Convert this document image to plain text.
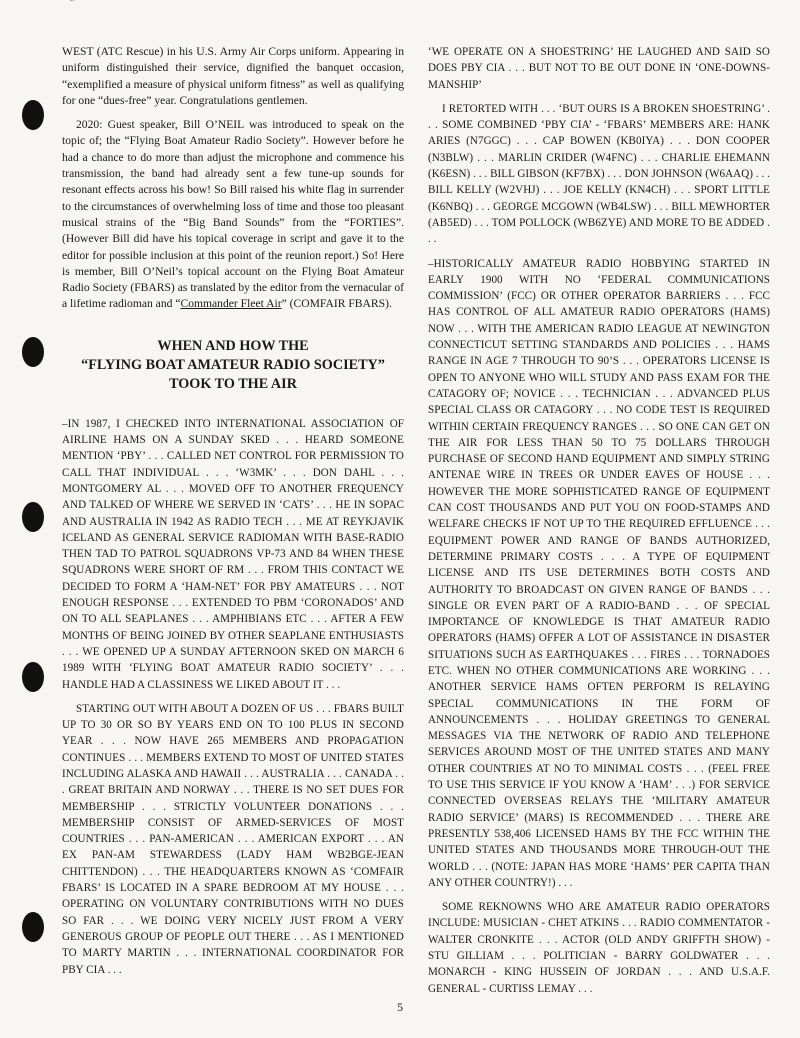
WEST (ATC Rescue) in his U.S. Army Air Corps uniform. Appearing in uniform distinguished their service, dignified the banquet occasion, “exemplified a measure of physical uniform fitness” as well as qualifying for one “dues-free” year. Congratulations gentlemen.

2020: Guest speaker, Bill O’NEIL was introduced to speak on the topic of; the “Flying Boat Amateur Radio Society”. However before he had a chance to do more than adjust the microphone and commence his transmission, the band had already sent a few tune-up sounds for resonant effects across his bow! So Bill raised his white flag in surrender to the circumstances of overwhelming loss of time and those too pleasant musical strains of the “Big Band Sounds” from the “FORTIES”. (However Bill did have his topical coverage in script and gave it to the editor for possible inclusion at this point of the reunion report.) So! Here is member, Bill O’Neil’s topical account on the Flying Boat Amateur Radio Society (FBARS) as translated by the editor from the vernacular of a lifetime radioman and “Commander Fleet Air” (COMFAIR FBARS).

WHEN AND HOW THE
“FLYING BOAT AMATEUR RADIO SOCIETY”
TOOK TO THE AIR

–IN 1987, I CHECKED INTO INTERNATIONAL ASSOCIATION OF AIRLINE HAMS ON A SUNDAY SKED . . . HEARD SOMEONE MENTION ‘PBY’ . . . CALLED NET CONTROL FOR PERMISSION TO CALL THAT INDIVIDUAL . . . ‘W3MK’ . . . DON DAHL . . . MONTGOMERY AL . . . MOVED OFF TO ANOTHER FREQUENCY AND TALKED OF WHERE WE SERVED IN ‘CATS’ . . . HE IN SOPAC AND AUSTRALIA IN 1942 AS RADIO TECH . . . ME AT REYKJAVIK ICELAND AS GENERAL SERVICE RADIOMAN WITH BASE-RADIO THEN TAD TO PATROL SQUADRONS VP-73 AND 84 WHEN THESE SQUADRONS WERE SHORT OF RM . . . FROM THIS CONTACT WE DECIDED TO FORM A ‘HAM-NET’ FOR PBY AMATEURS . . . NOT ENOUGH RESPONSE . . . EXTENDED TO PBM ‘CORONADOS’ AND ON TO ALL SEAPLANES . . . AMPHIBIANS ETC . . . AFTER A FEW MONTHS OF BEING JOINED BY OTHER SEAPLANE ENTHUSIASTS . . . WE OPENED UP A SUNDAY AFTERNOON SKED ON MARCH 6 1989 WITH ‘FLYING BOAT AMATEUR RADIO SOCIETY’ . . . HANDLE HAD A CLASSINESS WE LIKED ABOUT IT . . .

STARTING OUT WITH ABOUT A DOZEN OF US . . . FBARS BUILT UP TO 30 OR SO BY YEARS END ON TO 100 PLUS IN SECOND YEAR . . . NOW HAVE 265 MEMBERS AND PROPAGATION CONTINUES . . . MEMBERS EXTEND TO MOST OF UNITED STATES INCLUDING ALASKA AND HAWAII . . . AUSTRALIA . . . CANADA . . . GREAT BRITAIN AND NORWAY . . . THERE IS NO SET DUES FOR MEMBERSHIP . . . STRICTLY VOLUNTEER DONATIONS . . . MEMBERSHIP CONSIST OF ARMED-SERVICES OF MOST COUNTRIES . . . PAN-AMERICAN . . . AMERICAN EXPORT . . . AN EX PAN-AM STEWARDESS (LADY HAM WB2BGE-JEAN CHITTENDON) . . . THE HEADQUARTERS KNOWN AS ‘COMFAIR FBARS’ IS LOCATED IN A SPARE BEDROOM AT MY HOUSE . . . OPERATING ON VOLUNTARY CONTRIBUTIONS WITH NO DUES SO FAR . . . WE DOING VERY NICELY JUST FROM A VERY GENEROUS GROUP OF PEOPLE OUT THERE . . . AS I MENTIONED TO MARTY MARTIN . . . INTERNATIONAL COORDINATOR FOR PBY CIA . . .

‘WE OPERATE ON A SHOESTRING’ HE LAUGHED AND SAID SO DOES PBY CIA . . . BUT NOT TO BE OUT DONE IN ‘ONE-DOWNS-MANSHIP’

I RETORTED WITH . . . ‘BUT OURS IS A BROKEN SHOESTRING’ . . . SOME COMBINED ‘PBY CIA’ - ‘FBARS’ MEMBERS ARE: HANK ARIES (N7GGC) . . . CAP BOWEN (KB0IYA) . . . DON COOPER (N3BLW) . . . MARLIN CRIDER (W4FNC) . . . CHARLIE EHEMANN (K6ESN) . . . BILL GIBSON (KF7BX) . . . DON JOHNSON (W6AAQ) . . . BILL KELLY (W2VHJ) . . . JOE KELLY (KN4CH) . . . SPORT LITTLE (K6NBQ) . . . GEORGE MCGOWN (WB4LSW) . . . BILL MEWHORTER (AB5ED) . . . TOM POLLOCK (WB6ZYE) AND MORE TO BE ADDED . . .

–HISTORICALLY AMATEUR RADIO HOBBYING STARTED IN EARLY 1900 WITH NO ‘FEDERAL COMMUNICATIONS COMMISSION’ (FCC) OR OTHER OPERATOR BARRIERS . . . FCC HAS CONTROL OF ALL AMATEUR RADIO OPERATORS (HAMS) NOW . . . WITH THE AMERICAN RADIO LEAGUE AT NEWINGTON CONNECTICUT SETTING STANDARDS AND POLICIES . . . HAMS RANGE IN AGE 7 THROUGH TO 90’S . . . OPERATORS LICENSE IS OPEN TO ANYONE WHO WILL STUDY AND PASS EXAM FOR THE CATAGORY OF; NOVICE . . . TECHNICIAN . . . ADVANCED PLUS SPECIAL CLASS OR CATAGORY . . . NO CODE TEST IS REQUIRED WITHIN CERTAIN FREQUENCY RANGES . . . SO ONE CAN GET ON THE AIR FOR LESS THAN 50 TO 75 DOLLARS THROUGH PURCHASE OF SECOND HAND EQUIPMENT AND SIMPLY STRING ANTENAE WIRE IN TREES OR UNDER EAVES OF HOUSE . . . HOWEVER THE MORE SOPHISTICATED RANGE OF EQUIPMENT CAN COST THOUSANDS AND PUT YOU ON FOOD-STAMPS AND WELFARE CHECKS IF NOT UP TO THE REQUIRED EFFLUENCE . . . EQUIPMENT POWER AND RANGE OF BANDS AUTHORIZED, DETERMINE PRIMARY COSTS . . . A TYPE OF EQUIPMENT LICENSE AND ITS USE DETERMINES BOTH COSTS AND AUTHORITY TO BROADCAST ON GIVEN RANGE OF BANDS . . . SINGLE OR EVEN PART OF A RADIO-BAND . . . OF SPECIAL IMPORTANCE OF KNOWLEDGE IS THAT AMATEUR RADIO OPERATORS (HAMS) OFFER A LOT OF ASSISTANCE IN DISASTER SITUATIONS SUCH AS EARTHQUAKES . . . FIRES . . . TORNADOES ETC. WHEN NO OTHER COMMUNICATIONS ARE WORKING . . . ANOTHER SERVICE HAMS OFTEN PERFORM IS RELAYING SPECIAL COMMUNICATIONS IN THE FORM OF ANNOUNCEMENTS . . . HOLIDAY GREETINGS TO GENERAL MESSAGES VIA THE NETWORK OF RADIO AND TELEPHONE SERVICES AROUND MOST OF THE UNITED STATES AND MANY OTHER COUNTRIES AT NO TO MINIMAL COSTS . . . (FEEL FREE TO USE THIS SERVICE IF YOU KNOW A ‘HAM’ . . .) FOR SERVICE CONNECTED OVERSEAS RELAYS THE ‘MILITARY AMATEUR RADIO SERVICE’ (MARS) IS RECOMMENDED . . . THERE ARE PRESENTLY 538,406 LICENSED HAMS BY THE FCC WITHIN THE UNITED STATES AND THOUSANDS MORE THROUGH-OUT THE WORLD . . . (NOTE: JAPAN HAS MORE ‘HAMS’ PER CAPITA THAN ANY OTHER COUNTRY!) . . .

SOME REKNOWNS WHO ARE AMATEUR RADIO OPERATORS INCLUDE: MUSICIAN - CHET ATKINS . . . RADIO COMMENTATOR - WALTER CRONKITE . . . ACTOR (OLD ANDY GRIFFTH SHOW) - STU GILLIAM . . . POLITICIAN - BARRY GOLDWATER . . . MONARCH - KING HUSSEIN OF JORDAN . . . AND U.S.A.F. GENERAL - CURTISS LEMAY . . .

5
